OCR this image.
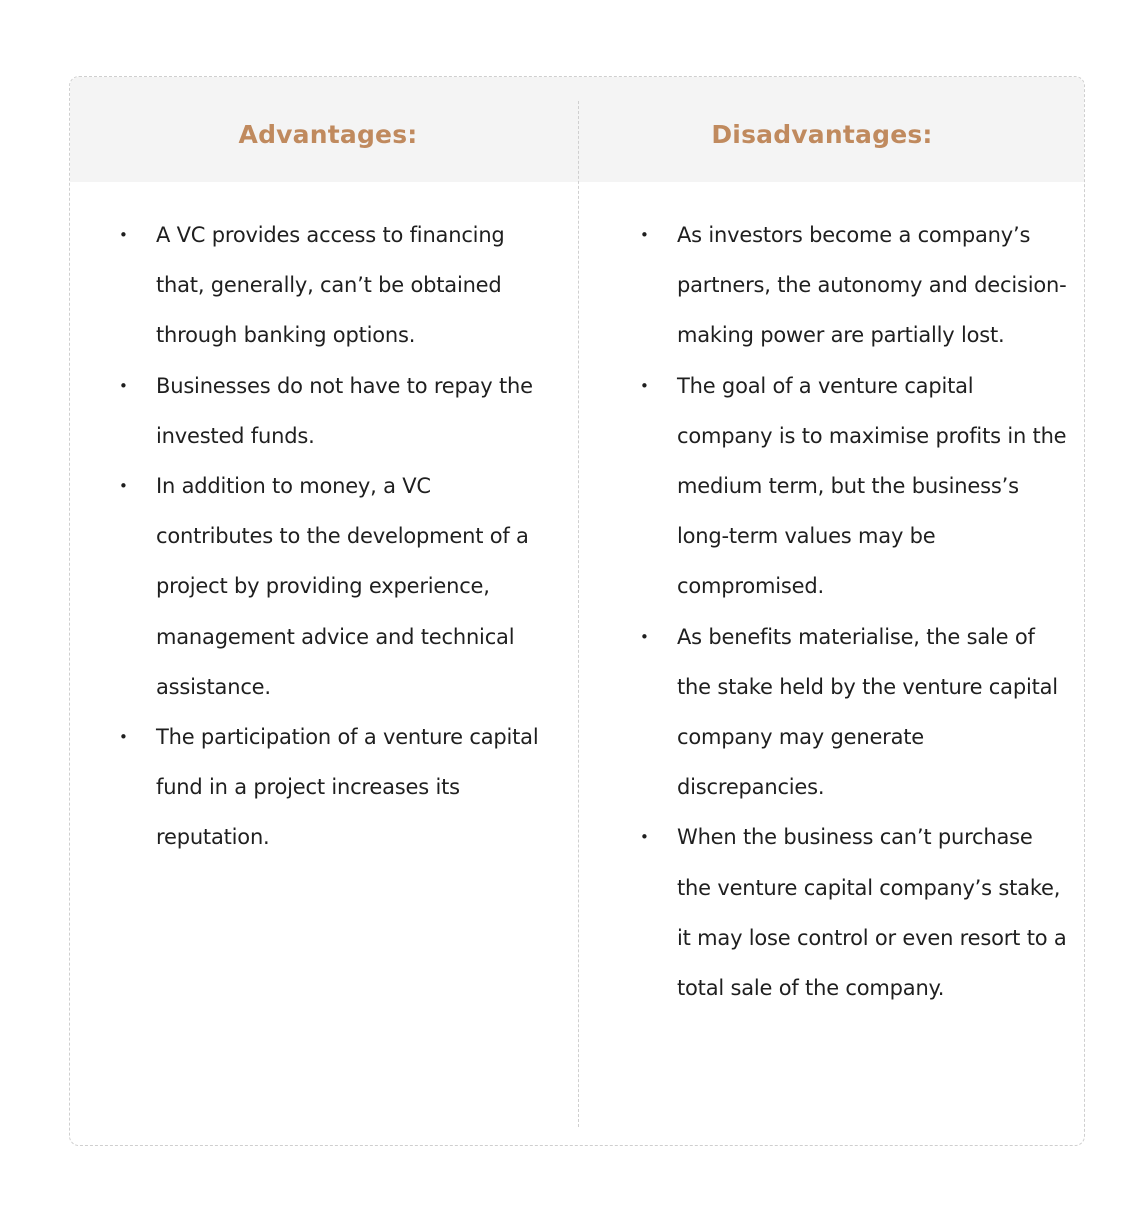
Advantages:	Disadvantages:
• A VC provides access to financing that, generally, can’t be obtained through banking options.
• Businesses do not have to repay the invested funds.
• In addition to money, a VC contributes to the development of a project by providing experience, management advice and technical assistance.
• The participation of a venture capital fund in a project increases its reputation.
• As investors become a company’s partners, the autonomy and decision-making power are partially lost.
• The goal of a venture capital company is to maximise profits in the medium term, but the business’s long-term values may be compromised.
• As benefits materialise, the sale of the stake held by the venture capital company may generate discrepancies.
• When the business can’t purchase the venture capital company’s stake, it may lose control or even resort to a total sale of the company.
